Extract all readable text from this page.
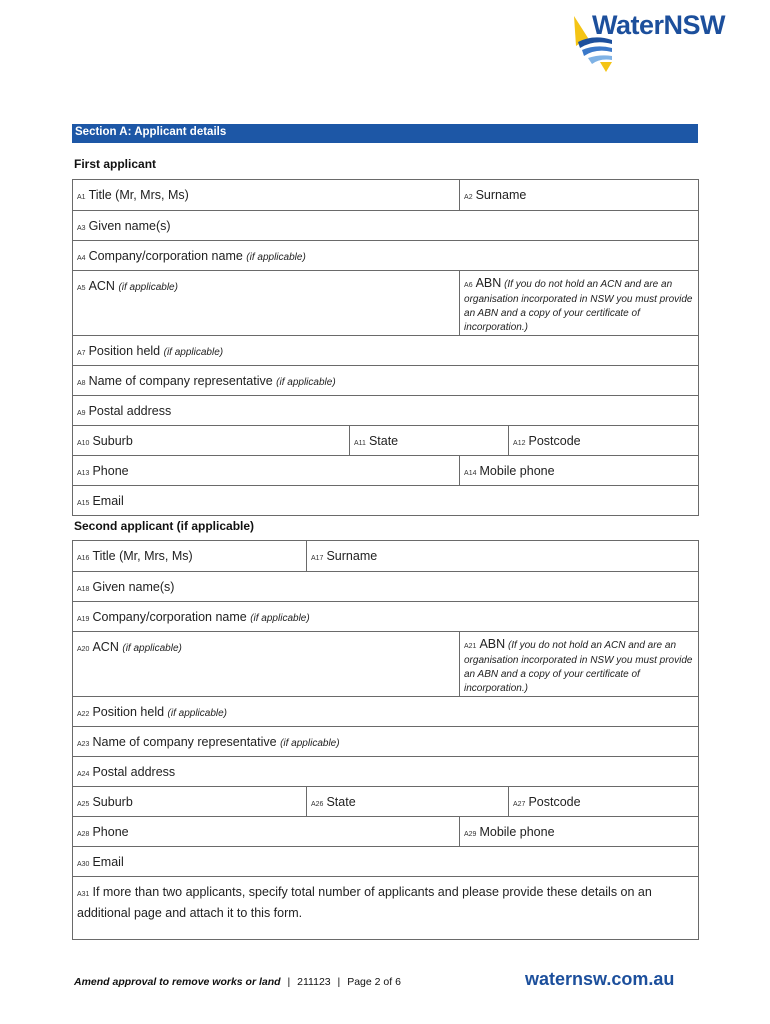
WaterNSW
Section A: Applicant details
First applicant
A1 Title (Mr, Mrs, Ms)		A2 Surname	
A3 Given name(s)			
A4 Company/corporation name (if applicable)			

A5 ACN (if applicable)		A6 ABN (If you do not hold an ACN and are an organisation incorporated in NSW you must provide an ABN and a copy of your certificate of incorporation.)	

A7 Position held (if applicable)			
A8 Name of company representative (if applicable)			
A9 Postal address			
A10 Suburb	A11 State		A12 Postcode
A13 Phone		A14 Mobile phone	
A15 Email			
Second applicant (if applicable)
A16 Title (Mr, Mrs, Ms)	A17 Surname		
A18 Given name(s)			
A19 Company/corporation name (if applicable)			

A20 ACN (if applicable)		A21 ABN (If you do not hold an ACN and are an organisation incorporated in NSW you must provide an ABN and a copy of your certificate of incorporation.)	

A22 Position held (if applicable)			
A23 Name of company representative (if applicable)			
A24 Postal address			
A25 Suburb	A26 State		A27 Postcode
A28 Phone		A29 Mobile phone	
A30 Email			

A31 If more than two applicants, specify total number of applicants and please provide these details on an additional page and attach it to this form.			
Amend approval to remove works or land | 211123 | Page 2 of 6	waternsw.com.au
